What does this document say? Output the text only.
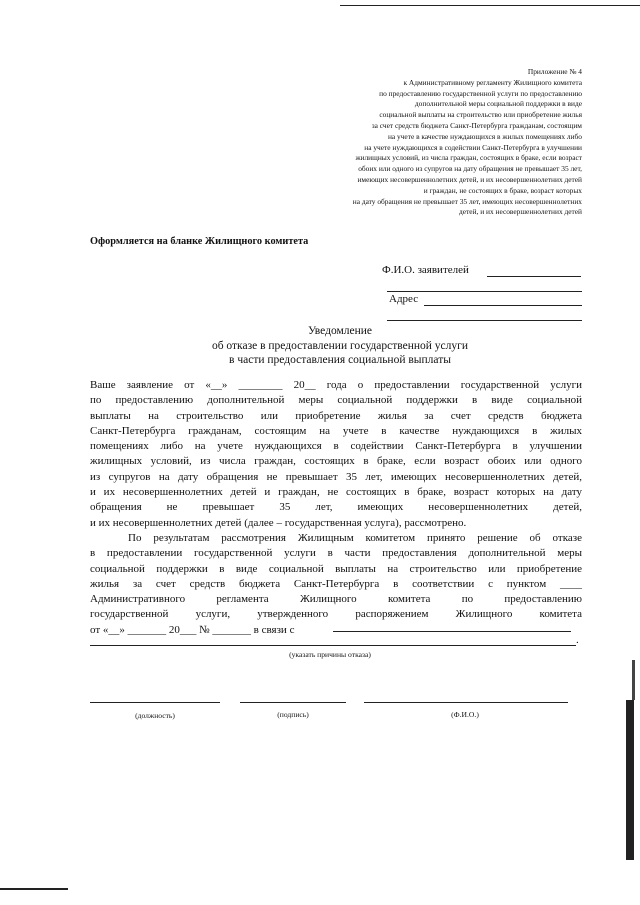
Приложение № 4
к Административному регламенту Жилищного комитета
по предоставлению государственной услуги по предоставлению
дополнительной меры социальной поддержки в виде
социальной выплаты на строительство или приобретение жилья
за счет средств бюджета Санкт-Петербурга гражданам, состоящим
на учете в качестве нуждающихся в жилых помещениях либо
на учете нуждающихся в содействии Санкт-Петербурга в улучшении
жилищных условий, из числа граждан, состоящих в браке, если возраст
обоих или одного из супругов на дату обращения не превышает 35 лет,
имеющих несовершеннолетних детей, и их несовершеннолетних детей
и граждан, не состоящих в браке, возраст которых
на дату обращения не превышает 35 лет, имеющих несовершеннолетних
детей, и их несовершеннолетних детей
Оформляется на бланке Жилищного комитета
Ф.И.О. заявителей
Адрес
Уведомление
об отказе в предоставлении государственной услуги
в части предоставления социальной выплаты
Ваше заявление от «__» ________ 20__ года о предоставлении государственной услуги
по предоставлению дополнительной меры социальной поддержки в виде социальной
выплаты на строительство или приобретение жилья за счет средств бюджета
Санкт-Петербурга гражданам, состоящим на учете в качестве нуждающихся в жилых
помещениях либо на учете нуждающихся в содействии Санкт-Петербурга в улучшении
жилищных условий, из числа граждан, состоящих в браке, если возраст обоих или одного
из супругов на дату обращения не превышает 35 лет, имеющих несовершеннолетних детей,
и их несовершеннолетних детей и граждан, не состоящих в браке, возраст которых на дату
обращения не превышает 35 лет, имеющих несовершеннолетних детей,
и их несовершеннолетних детей (далее – государственная услуга), рассмотрено.
По результатам рассмотрения Жилищным комитетом принято решение об отказе
в предоставлении государственной услуги в части предоставления дополнительной меры
социальной поддержки в виде социальной выплаты на строительство или приобретение
жилья за счет средств бюджета Санкт-Петербурга в соответствии с пунктом ____
Административного регламента Жилищного комитета по предоставлению
государственной услуги, утвержденного распоряжением Жилищного комитета
от «__» _______ 20___ № _______ в связи с
.
(указать причины отказа)
(должность)	(подпись)	(Ф.И.О.)
